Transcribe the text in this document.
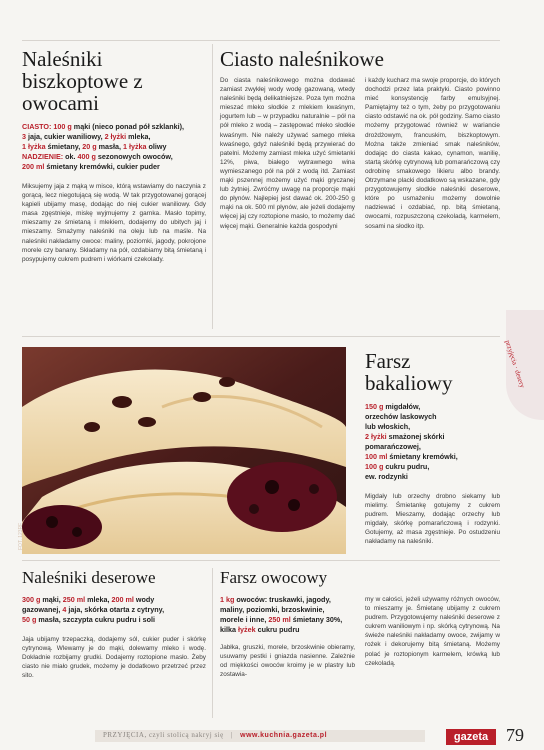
Naleśniki biszkoptowe z owocami

CIASTO: 100 g mąki (nieco ponad pół szklanki),

3 jaja, cukier waniliowy, 2 łyżki mleka,

1 łyżka śmietany, 20 g masła, 1 łyżka oliwy

NADZIENIE: ok. 400 g sezonowych owoców,

200 ml śmietany kremówki, cukier puder

Miksujemy jaja z mąką w misce, którą wstawiamy do naczynia z gorącą, lecz niegotującą się wodą. W tak przygotowanej gorącej kąpieli ubijamy masę, dodając do niej cukier waniliowy. Gdy masa zgęstnieje, miskę wyjmujemy z garnka. Masło topimy, mieszamy ze śmietaną i mlekiem, dodajemy do ubitych jaj i mieszamy. Smażymy naleśniki na oleju lub na maśle. Na naleśniki nakładamy owoce: maliny, poziomki, jagody, pokrojone morele czy banany. Składamy na pół, ozdabiamy bitą śmietaną i posypujemy cukrem pudrem i wiórkami czekolady.

Ciasto naleśnikowe

Do ciasta naleśnikowego można dodawać zamiast zwykłej wody wodę gazowaną, wtedy naleśniki będą delikatniejsze. Poza tym można mieszać mleko słodkie z mlekiem kwaśnym, jogurtem lub – w przypadku naturalnie – pół na pół mleko z wodą – zastępować mleko słodkie kwaśnym. Nie należy używać samego mleka kwaśnego, gdyż naleśniki będą przywierać do patelni. Możemy zamiast mleka użyć śmietanki 12%, piwa, białego wytrawnego wina wymieszanego pół na pół z wodą itd. Zamiast mąki pszennej możemy użyć mąki gryczanej lub żytniej. Zwróćmy uwagę na proporcje mąki do płynów. Najlepiej jest dawać ok. 200-250 g mąki na ok. 500 ml płynów, ale jeżeli dodajemy więcej jaj czy roztopione masło, to możemy dać więcej mąki. Generalnie każda gospodyni

i każdy kucharz ma swoje proporcje, do których dochodzi przez lata praktyki. Ciasto powinno mieć konsystencję farby emulsyjnej. Pamiętajmy też o tym, żeby po przygotowaniu ciasto odstawić na ok. pół godziny. Samo ciasto możemy przygotować również w wariancie drożdżowym, francuskim, biszkoptowym. Można także zmieniać smak naleśników, dodając do ciasta kakao, cynamon, wanilię, startą skórkę cytrynową lub pomarańczową czy odrobinę smakowego likieru albo brandy. Otrzymane placki dodatkowo są wskazane, gdy przygotowujemy słodkie naleśniki deserowe, które po usmażeniu możemy dowolnie nadziewać i ozdabiać, np. bitą śmietaną, owocami, rozpuszczoną czekoladą, karmelem, sosami na słodko itp.

przyjęcia · desery
FOT. 123RF
Farsz bakaliowy

150 g migdałów,

orzechów laskowych

lub włoskich,

2 łyżki smażonej skórki

pomarańczowej,

100 ml śmietany kremówki,

100 g cukru pudru,

ew. rodzynki

Migdały lub orzechy drobno siekamy lub mielimy. Śmietankę gotujemy z cukrem pudrem. Mieszamy, dodając orzechy lub migdały, skórkę pomarańczową i rodzynki. Gotujemy, aż masa zgęstnieje. Po ostudzeniu nakładamy na naleśniki.

Naleśniki deserowe

300 g mąki, 250 ml mleka, 200 ml wody

gazowanej, 4 jaja, skórka otarta z cytryny,

50 g masła, szczypta cukru pudru i soli

Jaja ubijamy trzepaczką, dodajemy sól, cukier puder i skórkę cytrynową. Wlewamy je do mąki, dolewamy mleko i wodę. Dokładnie rozbijamy grudki. Dodajemy roztopione masło. Żeby ciasto nie miało grudek, możemy je dodatkowo przetrzeć przez sito.

Farsz owocowy

1 kg owoców: truskawki, jagody,

maliny, poziomki, brzoskwinie,

morele i inne, 250 ml śmietany 30%,

kilka łyżek cukru pudru

Jabłka, gruszki, morele, brzoskwinie obieramy, usuwamy pestki i gniazda nasienne. Zależnie od miękkości owoców kroimy je w plastry lub zostawia-

my w całości, jeżeli używamy różnych owoców, to mieszamy je. Śmietanę ubijamy z cukrem pudrem. Przygotowujemy naleśniki deserowe z cukrem waniliowym i np. skórką cytrynową. Na świeże naleśniki nakładamy owoce, zwijamy w rożek i dekorujemy bitą śmietaną. Możemy polać je roztopionym karmelem, krówką lub czekoladą.

PRZYJĘCIA, czyli stolicą nakryj się | www.kuchnia.gazeta.pl	gazeta 79
